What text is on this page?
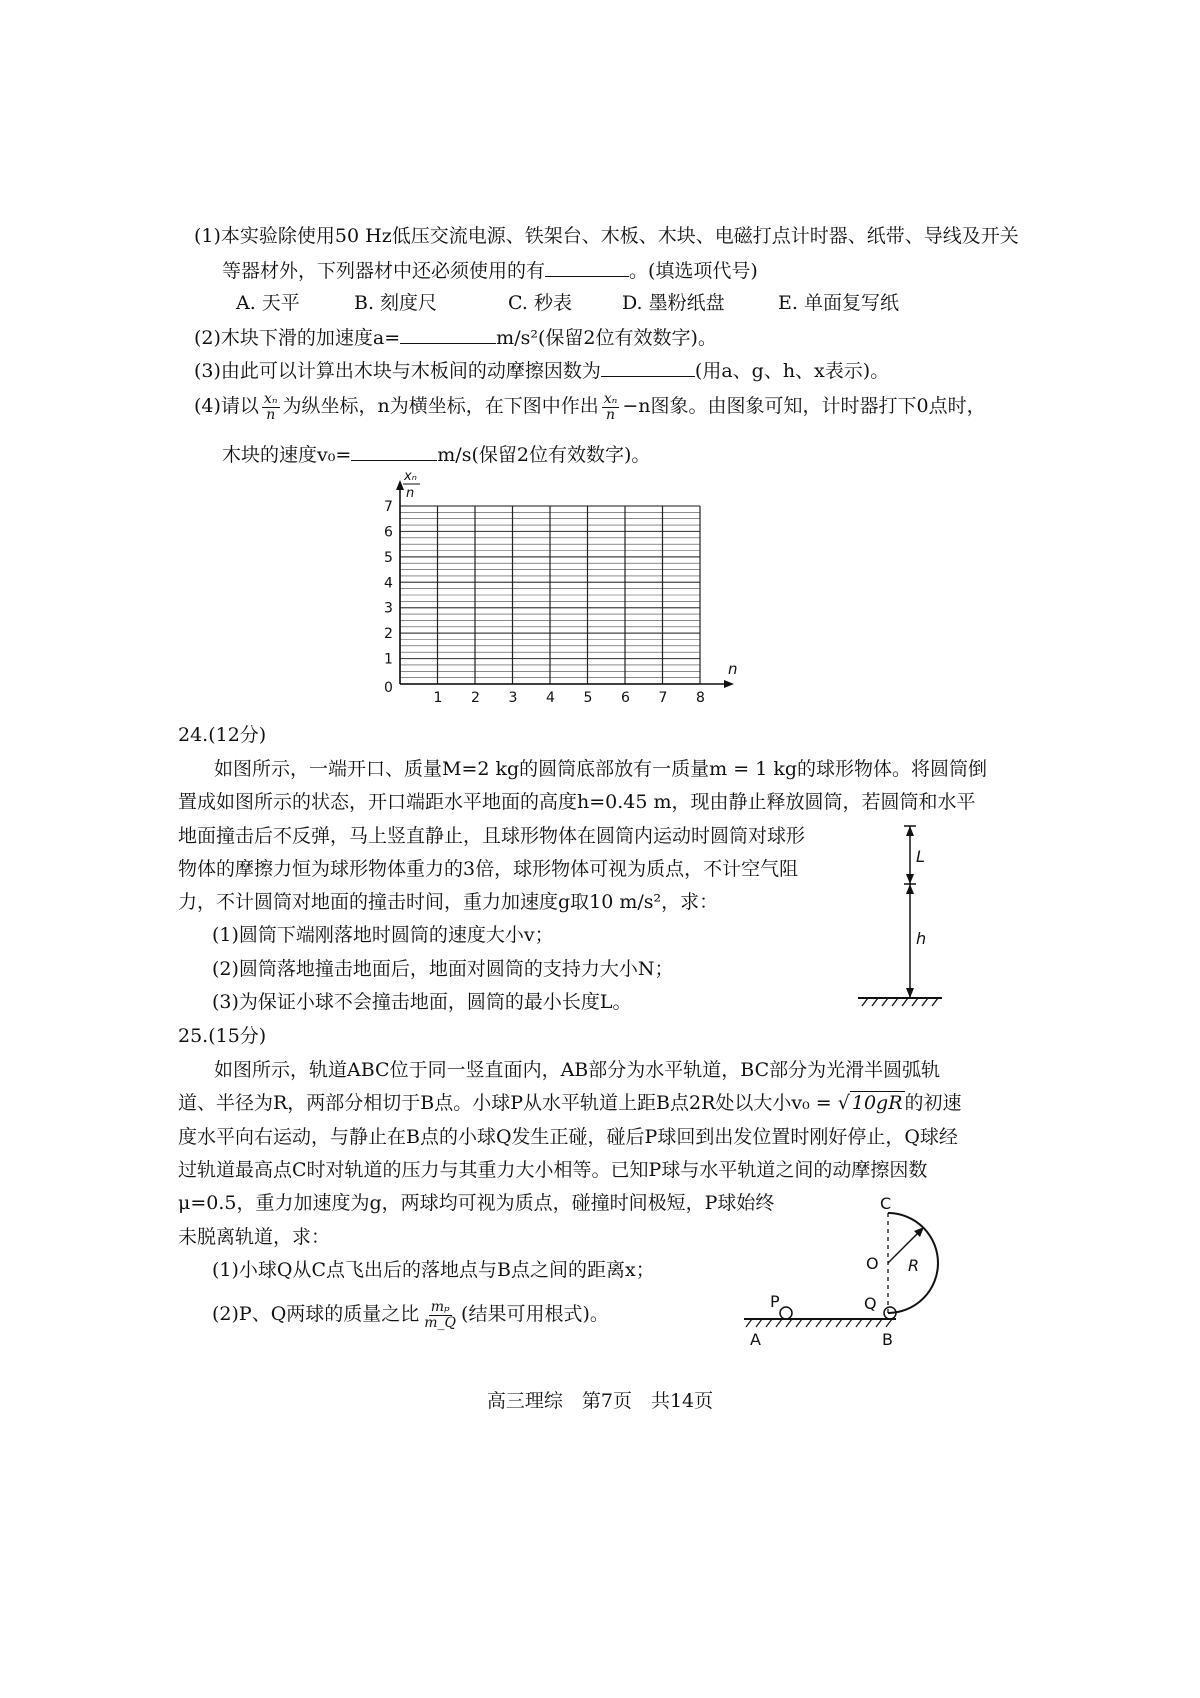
(1)本实验除使用50 Hz低压交流电源、铁架台、木板、木块、电磁打点计时器、纸带、导线及开关
等器材外，下列器材中还必须使用的有	。(填选项代号)
A. 天平	B. 刻度尺	C. 秒表	D. 墨粉纸盘	E. 单面复写纸
(2)木块下滑的加速度a=	m/s²(保留2位有效数字)。
(3)由此可以计算出木块与木板间的动摩擦因数为	(用a、g、h、x表示)。
(4)请以 $\frac{\text{xₙ}}{n}$ 为纵坐标，n为横坐标，在下图中作出 $\frac{\text{xₙ}}{n} -n$图象。由图象可知，计时器打下0点时，
木块的速度v₀=	m/s(保留2位有效数字)。
1 2 3 4 5 6 7 8
1
2
3
4
5
6
7
0
n
xₙ
n
24.(12分)
如图所示，一端开口、质量M=2 kg的圆筒底部放有一质量m = 1 kg的球形物体。将圆筒倒
置成如图所示的状态，开口端距水平地面的高度h=0.45 m，现由静止释放圆筒，若圆筒和水平
地面撞击后不反弹，马上竖直静止，且球形物体在圆筒内运动时圆筒对球形
物体的摩擦力恒为球形物体重力的3倍，球形物体可视为质点，不计空气阻
力，不计圆筒对地面的撞击时间，重力加速度g取10 m/s²，求：
(1)圆筒下端刚落地时圆筒的速度大小v；
(2)圆筒落地撞击地面后，地面对圆筒的支持力大小N；
(3)为保证小球不会撞击地面，圆筒的最小长度L。
L
h
25.(15分)
如图所示，轨道ABC位于同一竖直面内，AB部分为水平轨道，BC部分为光滑半圆弧轨
道、半径为R，两部分相切于B点。小球P从水平轨道上距B点2R处以大小v₀ = √ 10gR 的初速
度水平向右运动，与静止在B点的小球Q发生正碰，碰后P球回到出发位置时刚好停止，Q球经
过轨道最高点C时对轨道的压力与其重力大小相等。已知P球与水平轨道之间的动摩擦因数
μ=0.5，重力加速度为g，两球均可视为质点，碰撞时间极短，P球始终
未脱离轨道，求：
(1)小球Q从C点飞出后的落地点与B点之间的距离x；
(2)P、Q两球的质量之比 $\frac{\text{mₚ}}{m\_Q}$ (结果可用根式)。
C
O R
P	Q
A	B
高三理综　第7页　共14页
